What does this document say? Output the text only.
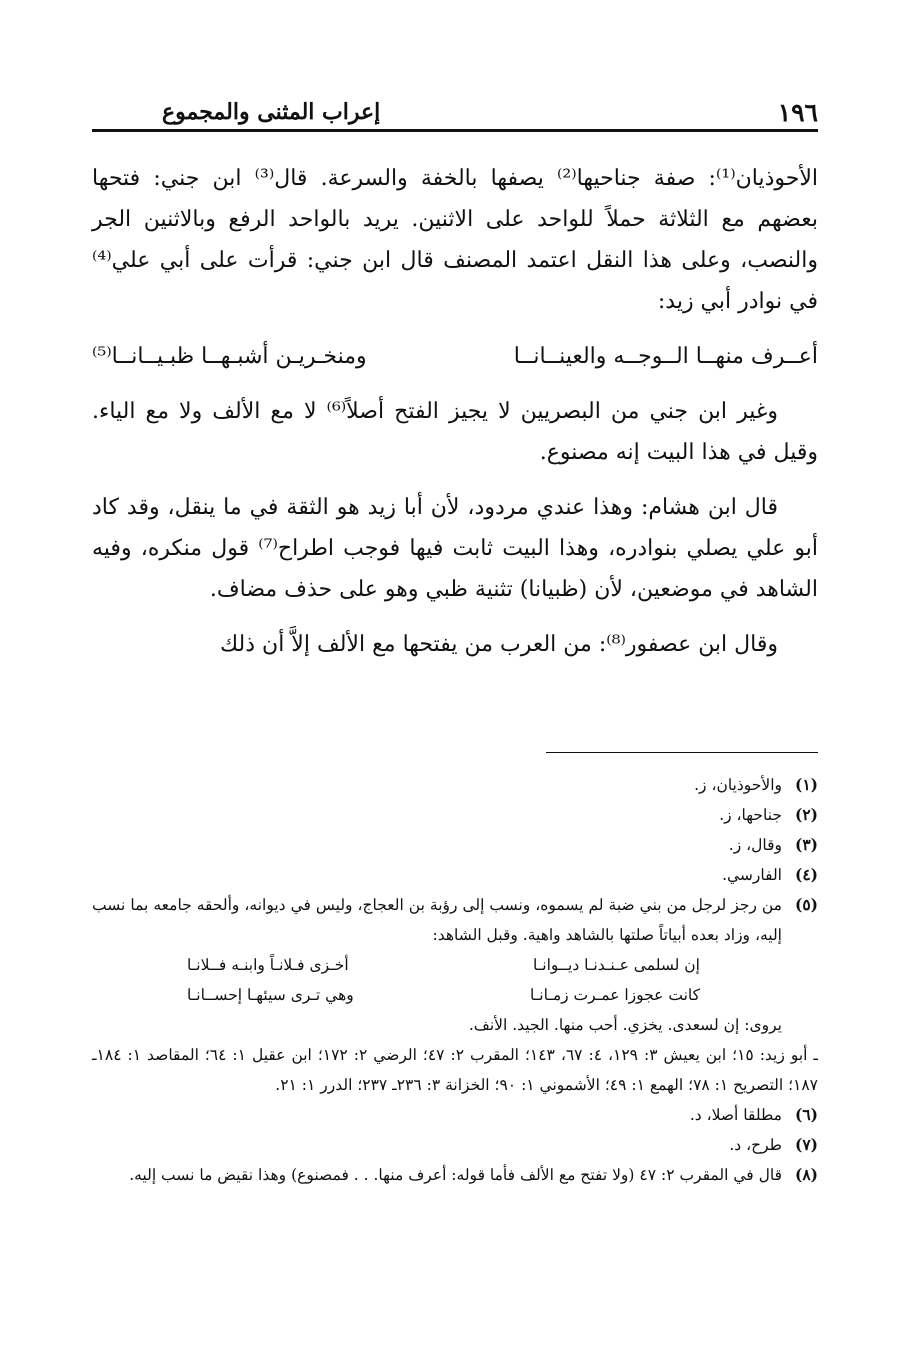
١٩٦
إعراب المثنى والمجموع

الأحوذيان⁽¹⁾: صفة جناحيها⁽²⁾ يصفها بالخفة والسرعة. قال⁽³⁾ ابن جني: فتحها بعضهم مع الثلاثة حملاً للواحد على الاثنين. يريد بالواحد الرفع وبالاثنين الجر والنصب، وعلى هذا النقل اعتمد المصنف قال ابن جني: قرأت على أبي علي⁽⁴⁾ في نوادر أبي زيد:

أعــرف منهــا الــوجــه والعينــانــا
ومنخـريـن أشبـهــا ظبـيــانــا⁽⁵⁾

وغير ابن جني من البصريين لا يجيز الفتح أصلاً⁽⁶⁾ لا مع الألف ولا مع الياء. وقيل في هذا البيت إنه مصنوع.

قال ابن هشام: وهذا عندي مردود، لأن أبا زيد هو الثقة في ما ينقل، وقد كاد أبو علي يصلي بنوادره، وهذا البيت ثابت فيها فوجب اطراح⁽⁷⁾ قول منكره، وفيه الشاهد في موضعين، لأن (ظبيانا) تثنية ظبي وهو على حذف مضاف.

وقال ابن عصفور⁽⁸⁾: من العرب من يفتحها مع الألف إلاَّ أن ذلك

(١)
والأحوذيان، ز.
(٢)
جناحها، ز.
(٣)
وقال، ز.
(٤)
الفارسي.
(٥)
من رجز لرجل من بني ضبة لم يسموه، ونسب إلى رؤبة بن العجاج، وليس في ديوانه، وألحقه جامعه بما نسب إليه، وزاد بعده أبياتاً صلتها بالشاهد واهية. وقبل الشاهد:
إن لسلمى عـنـدنـا ديــوانـا
أخـزى فـلانـاً وابنـه فــلانـا
كانت عجوزا عمـرت زمـانـا
وهي تـرى سيئهـا إحســانـا
يروى: إن لسعدى. يخزي. أحب منها. الجيد. الأنف.
ـ أبو زيد: ١٥؛ ابن يعيش ٣: ١٢٩، ٤: ٦٧، ١٤٣؛ المقرب ٢: ٤٧؛ الرضي ٢: ١٧٢؛ ابن عقيل ١: ٦٤؛ المقاصد ١: ١٨٤ـ ١٨٧؛ التصريح ١: ٧٨؛ الهمع ١: ٤٩؛ الأشموني ١: ٩٠؛ الخزانة ٣: ٢٣٦ـ ٢٣٧؛ الدرر ١: ٢١.
(٦)
مطلقا أصلا، د.
(٧)
طرح، د.
(٨)
قال في المقرب ٢: ٤٧ (ولا تفتح مع الألف فأما قوله: أعرف منها. . . فمصنوع) وهذا نقيض ما نسب إليه.
